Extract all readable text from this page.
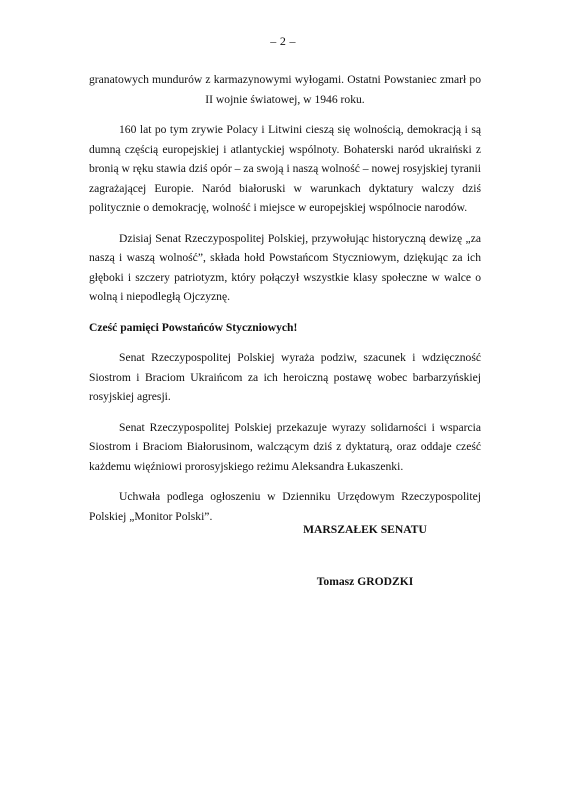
– 2 –

granatowych mundurów z karmazynowymi wyłogami. Ostatni Powstaniec zmarł po II wojnie światowej, w 1946 roku.

160 lat po tym zrywie Polacy i Litwini cieszą się wolnością, demokracją i są dumną częścią europejskiej i atlantyckiej wspólnoty. Bohaterski naród ukraiński z bronią w ręku stawia dziś opór – za swoją i naszą wolność – nowej rosyjskiej tyranii zagrażającej Europie. Naród białoruski w warunkach dyktatury walczy dziś politycznie o demokrację, wolność i miejsce w europejskiej wspólnocie narodów.

Dzisiaj Senat Rzeczypospolitej Polskiej, przywołując historyczną dewizę „za naszą i waszą wolność”, składa hołd Powstańcom Styczniowym, dziękując za ich głęboki i szczery patriotyzm, który połączył wszystkie klasy społeczne w walce o wolną i niepodległą Ojczyznę.

Cześć pamięci Powstańców Styczniowych!

Senat Rzeczypospolitej Polskiej wyraża podziw, szacunek i wdzięczność Siostrom i Braciom Ukraińcom za ich heroiczną postawę wobec barbarzyńskiej rosyjskiej agresji.

Senat Rzeczypospolitej Polskiej przekazuje wyrazy solidarności i wsparcia Siostrom i Braciom Białorusinom, walczącym dziś z dyktaturą, oraz oddaje cześć każdemu więźniowi prorosyjskiego reżimu Aleksandra Łukaszenki.

Uchwała podlega ogłoszeniu w Dzienniku Urzędowym Rzeczypospolitej Polskiej „Monitor Polski”.

MARSZAŁEK SENATU
Tomasz GRODZKI
